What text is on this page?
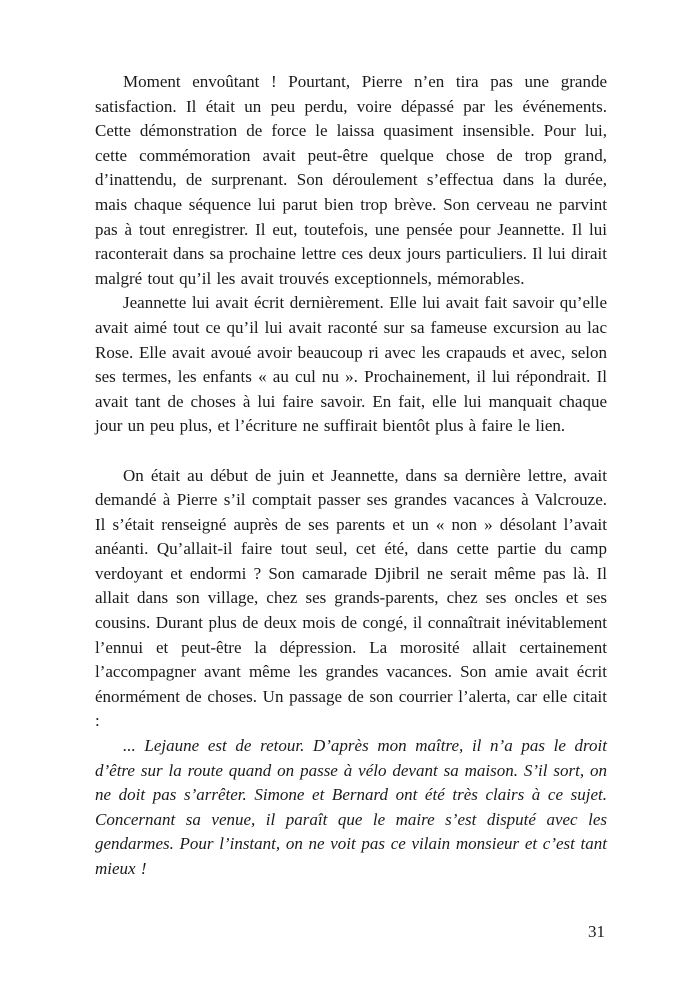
Moment envoûtant ! Pourtant, Pierre n’en tira pas une grande satisfaction. Il était un peu perdu, voire dépassé par les événements. Cette démonstration de force le laissa quasiment insensible. Pour lui, cette commémoration avait peut-être quelque chose de trop grand, d’inattendu, de surprenant. Son déroulement s’effectua dans la durée, mais chaque séquence lui parut bien trop brève. Son cerveau ne parvint pas à tout enregistrer. Il eut, toutefois, une pensée pour Jeannette. Il lui raconterait dans sa prochaine lettre ces deux jours particuliers. Il lui dirait malgré tout qu’il les avait trouvés exceptionnels, mémorables.

Jeannette lui avait écrit dernièrement. Elle lui avait fait savoir qu’elle avait aimé tout ce qu’il lui avait raconté sur sa fameuse excursion au lac Rose. Elle avait avoué avoir beaucoup ri avec les crapauds et avec, selon ses termes, les enfants « au cul nu ». Prochainement, il lui répondrait. Il avait tant de choses à lui faire savoir. En fait, elle lui manquait chaque jour un peu plus, et l’écriture ne suffirait bientôt plus à faire le lien.

On était au début de juin et Jeannette, dans sa dernière lettre, avait demandé à Pierre s’il comptait passer ses grandes vacances à Valcrouze. Il s’était renseigné auprès de ses parents et un « non » désolant l’avait anéanti. Qu’allait-il faire tout seul, cet été, dans cette partie du camp verdoyant et endormi ? Son camarade Djibril ne serait même pas là. Il allait dans son village, chez ses grands-parents, chez ses oncles et ses cousins. Durant plus de deux mois de congé, il connaîtrait inévitablement l’ennui et peut-être la dépression. La morosité allait certainement l’accompagner avant même les grandes vacances. Son amie avait écrit énormément de choses. Un passage de son courrier l’alerta, car elle citait :

... Lejaune est de retour. D’après mon maître, il n’a pas le droit d’être sur la route quand on passe à vélo devant sa maison. S’il sort, on ne doit pas s’arrêter. Simone et Bernard ont été très clairs à ce sujet. Concernant sa venue, il paraît que le maire s’est disputé avec les gendarmes. Pour l’instant, on ne voit pas ce vilain monsieur et c’est tant mieux !

31
